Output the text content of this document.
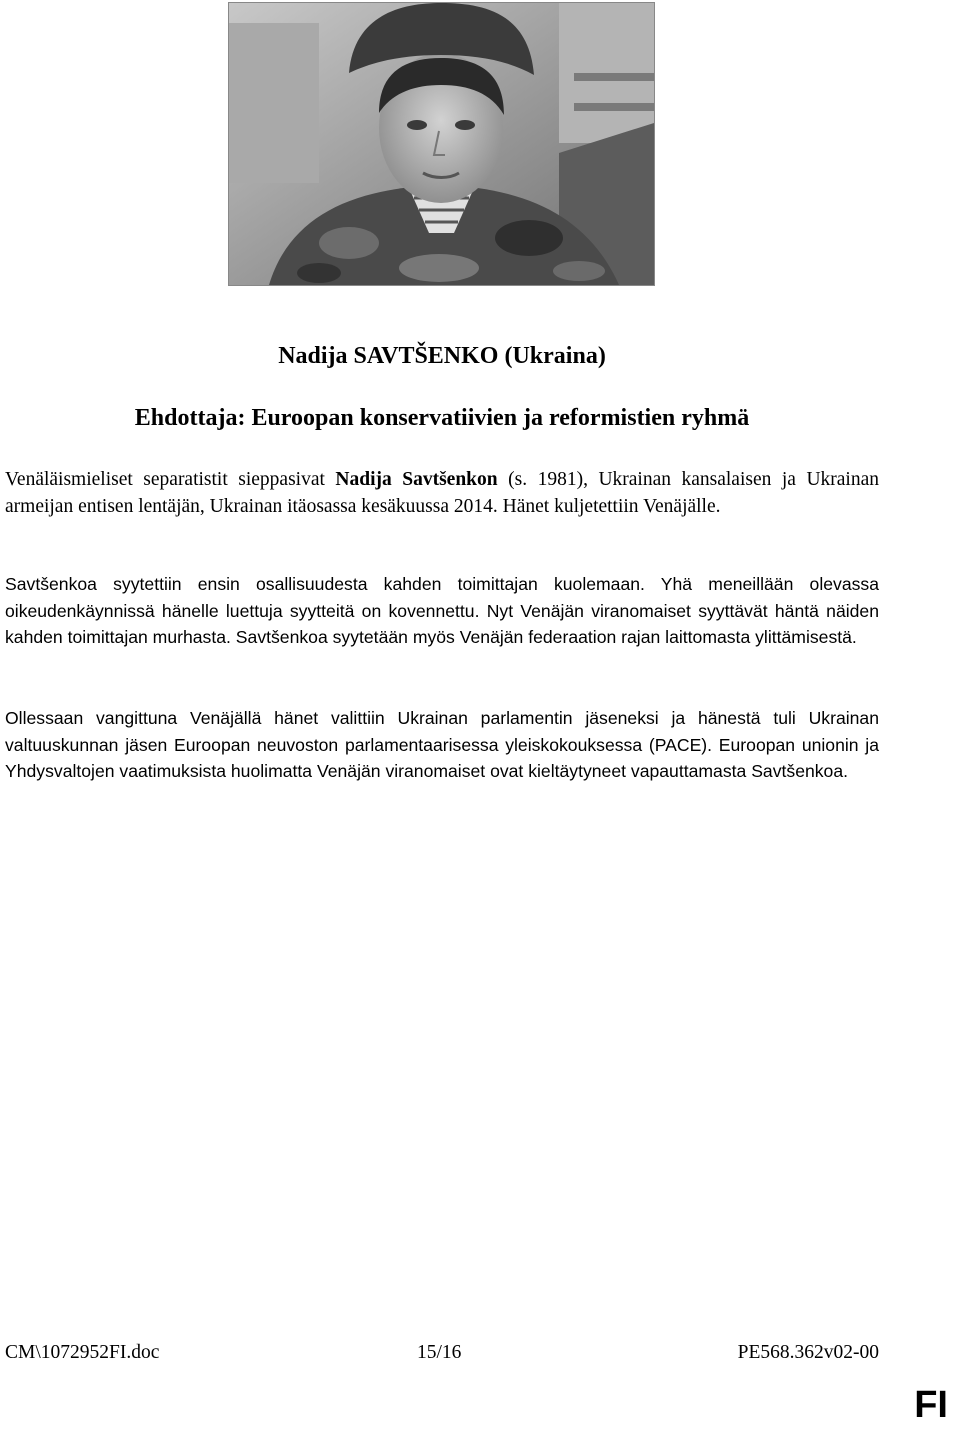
Nadija SAVTŠENKO (Ukraina)
Ehdottaja: Euroopan konservatiivien ja reformistien ryhmä

Venäläismieliset separatistit sieppasivat Nadija Savtšenkon (s. 1981), Ukrainan kansalaisen ja Ukrainan armeijan entisen lentäjän, Ukrainan itäosassa kesäkuussa 2014. Hänet kuljetettiin Venäjälle.

Savtšenkoa syytettiin ensin osallisuudesta kahden toimittajan kuolemaan. Yhä meneillään olevassa oikeudenkäynnissä hänelle luettuja syytteitä on kovennettu. Nyt Venäjän viranomaiset syyttävät häntä näiden kahden toimittajan murhasta. Savtšenkoa syytetään myös Venäjän federaation rajan laittomasta ylittämisestä.

Ollessaan vangittuna Venäjällä hänet valittiin Ukrainan parlamentin jäseneksi ja hänestä tuli Ukrainan valtuuskunnan jäsen Euroopan neuvoston parlamentaarisessa yleiskokouksessa (PACE). Euroopan unionin ja Yhdysvaltojen vaatimuksista huolimatta Venäjän viranomaiset ovat kieltäytyneet vapauttamasta Savtšenkoa.

CM\1072952FI.doc	15/16	PE568.362v02-00
FI
